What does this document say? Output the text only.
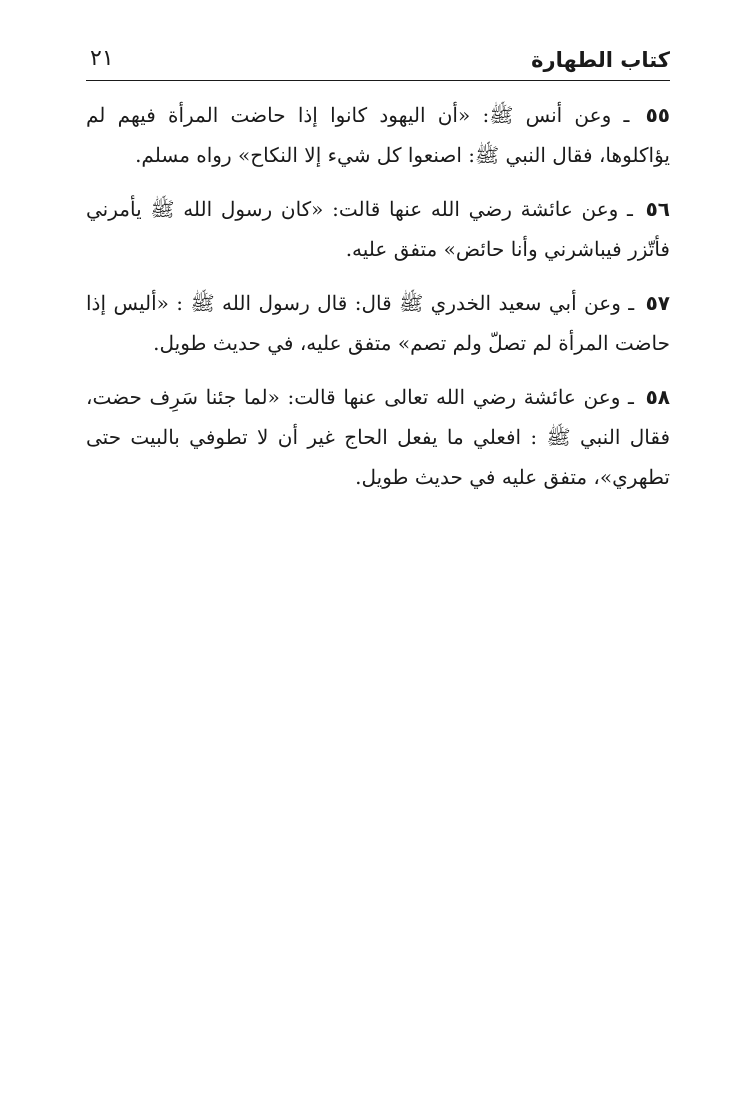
كتاب الطهارة
٢١

٥٥ ـ وعن أنس ﷺ: «أن اليهود كانوا إذا حاضت المرأة فيهم لم يؤاكلوها، فقال النبي ﷺ: اصنعوا كل شيء إلا النكاح» رواه مسلم.

٥٦ ـ وعن عائشة رضي الله عنها قالت: «كان رسول الله ﷺ يأمرني فأتّزر فيباشرني وأنا حائض» متفق عليه.

٥٧ ـ وعن أبي سعيد الخدري ﷺ قال: قال رسول الله ﷺ : «أليس إذا حاضت المرأة لم تصلّ ولم تصم» متفق عليه، في حديث طويل.

٥٨ ـ وعن عائشة رضي الله تعالى عنها قالت: «لما جئنا سَرِف حضت، فقال النبي ﷺ : افعلي ما يفعل الحاج غير أن لا تطوفي بالبيت حتى تطهري»، متفق عليه في حديث طويل.
